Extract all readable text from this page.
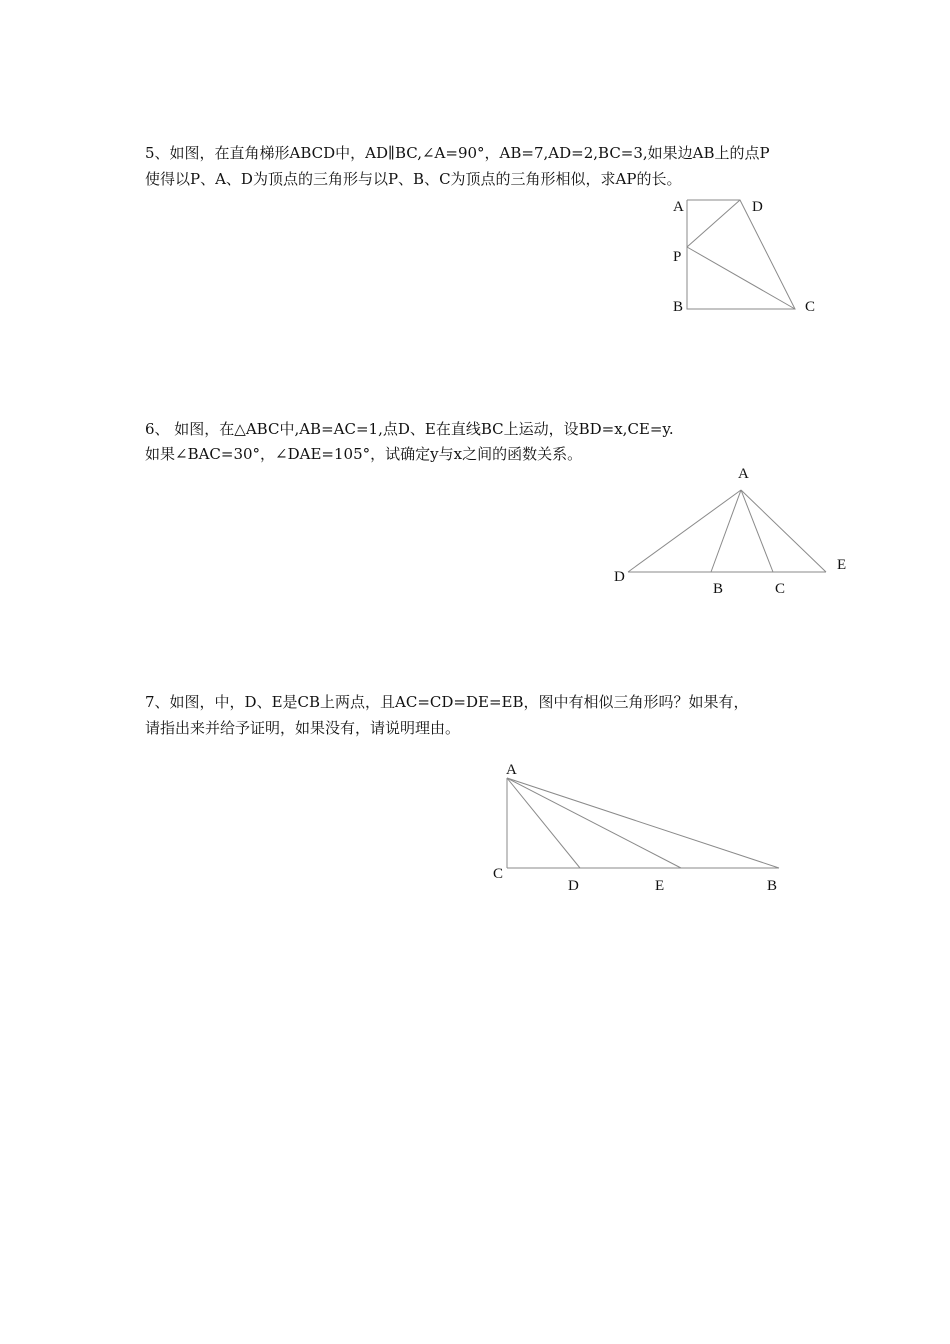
5、如图，在直角梯形ABCD中，AD∥BC,∠A=90°，AB=7,AD=2,BC=3,如果边AB上的点P
使得以P、A、D为顶点的三角形与以P、B、C为顶点的三角形相似，求AP的长。
6、 如图，在△ABC中,AB=AC=1,点D、E在直线BC上运动，设BD=x,CE=y.
如果∠BAC=30°，∠DAE=105°，试确定y与x之间的函数关系。
7、如图，中，D、E是CB上两点，且AC=CD=DE=EB，图中有相似三角形吗？如果有，
请指出来并给予证明，如果没有，请说明理由。
A	D
P
B	C
A
D
B	C
E
A
C
D	E	B
